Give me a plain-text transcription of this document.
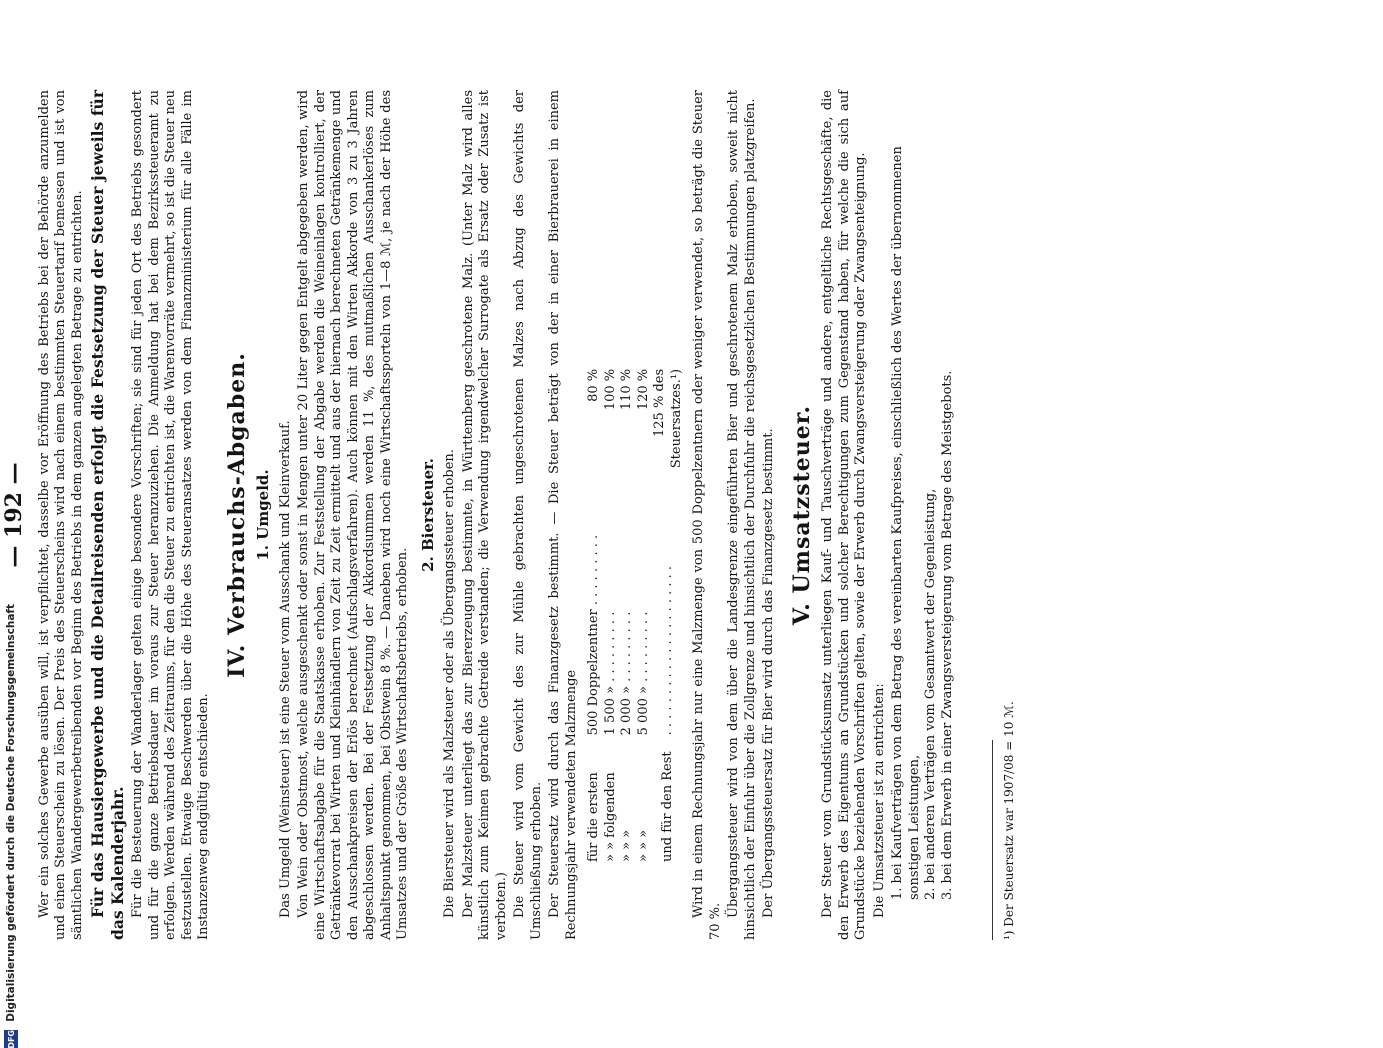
— 192 — Wer ein solches Gewerbe ausüben will, ist verpflichtet, dasselbe vor Eröffnung des Betriebs bei der Behörde anzumelden und einen Steuerschein zu lösen. Der Preis des Steuerscheins wird nach einem bestimmten Steuertarif bemessen und ist von sämtlichen Wandergewerbetreibenden vor Beginn des Betriebs in dem ganzen angelegten Betrage zu entrichten. Für das Hausiergewerbe und die Detailreisenden erfolgt die Festsetzung der Steuer jeweils für das Kalenderjahr. Für die Besteuerung der Wanderlager gelten einige besondere Vorschriften; sie sind für jeden Ort des Betriebs gesondert und für die ganze Betriebsdauer im voraus zur Steuer heranzuziehen. Die Anmeldung hat bei dem Bezirkssteueramt zu erfolgen. Werden während des Zeitraums, für den die Steuer zu entrichten ist, die Warenvorräte vermehrt, so ist die Steuer neu festzustellen. Etwaige Beschwerden über die Höhe des Steueransatzes werden von dem Finanzministerium für alle Fälle im Instanzenweg endgültig entschieden.

IV. Verbrauchs-Abgaben. 1. Umgeld. Das Umgeld (Weinsteuer) ist eine Steuer vom Ausschank und Kleinverkauf. Von Wein oder Obstmost, welche ausgeschenkt oder sonst in Mengen unter 20 Liter gegen Entgelt abgegeben werden, wird eine Wirtschaftsabgabe für die Staatskasse erhoben. Zur Feststellung der Abgabe werden die Weineinlagen kontrolliert, der Getränkevorrat bei Wirten und Kleinhändlern von Zeit zu Zeit ermittelt und aus der hiernach berechneten Getränkemenge und den Ausschankpreisen der Erlös berechnet (Aufschlagsverfahren). Auch können mit den Wirten Akkorde von 3 zu 3 Jahren abgeschlossen werden. Bei der Festsetzung der Akkordsummen werden 11 %, des mutmaßlichen Ausschankerlöses zum Anhaltspunkt genommen, bei Obstwein 8 %. — Daneben wird noch eine Wirtschaftssporteln von 1—8 ℳ, je nach der Höhe des Umsatzes und der Größe des Wirtschaftsbetriebs, erhoben.

2. Biersteuer. Die Biersteuer wird als Malzsteuer oder als Übergangssteuer erhoben. Der Malzsteuer unterliegt das zur Biererzeugung bestimmte, in Württemberg geschrotene Malz. (Unter Malz wird alles künstlich zum Keimen gebrachte Getreide verstanden; die Verwendung irgendwelcher Surrogate als Ersatz oder Zusatz ist verboten.) Die Steuer wird vom Gewicht des zur Mühle gebrachten ungeschrotenen Malzes nach Abzug des Gewichts der Umschließung erhoben. Der Steuersatz wird durch das Finanzgesetz bestimmt. — Die Steuer beträgt von der in einer Bierbrauerei in einem Rechnungsjahr verwendeten Malzmenge für die ersten	500 Doppelzentner . . . . . . . . .	80 %
» » folgenden	1 500 » . . . . . . . . .	100 %
» » »	2 000 » . . . . . . . . .	110 %
» » »	5 000 » . . . . . . . . .	120 %
und für den Rest	. . . . . . . . . . . . . . . . . . . . .	125 % des Steuersatzes.¹) Wird in einem Rechnungsjahr nur eine Malzmenge von 500 Doppelzentnern oder weniger verwendet, so beträgt die Steuer 70 %.

Übergangssteuer wird von dem über die Landesgrenze eingeführten Bier und geschrotenem Malz erhoben, soweit nicht hinsichtlich der Einfuhr über die Zollgrenze und hinsichtlich der Durchfuhr die reichsgesetzlichen Bestimmungen platzgreifen. Der Übergangssteuersatz für Bier wird durch das Finanzgesetz bestimmt. V. Umsatzsteuer. Der Steuer vom Grundstücksumsatz unterliegen Kauf- und Tauschverträge und andere, entgeltliche Rechtsgeschäfte, die den Erwerb des Eigentums an Grundstücken und solcher Berechtigungen zum Gegenstand haben, für welche die sich auf Grundstücke beziehenden Vorschriften gelten, sowie der Erwerb durch Zwangsversteigerung oder Zwangsenteignung. Die Umsatzsteuer ist zu entrichten: 1. bei Kaufverträgen von dem Betrag des vereinbarten Kaufpreises, einschließlich des Wertes der übernommenen sonstigen Leistungen, 2. bei anderen Verträgen vom Gesamtwert der Gegenleistung, 3. bei dem Erwerb in einer Zwangsversteigerung vom Betrage des Meistgebots.	¹) Der Steuersatz war 1907/08 = 10 ℳ.
Digitalisierung gefördert durch die Deutsche Forschungsgemeinschaft
DFG
